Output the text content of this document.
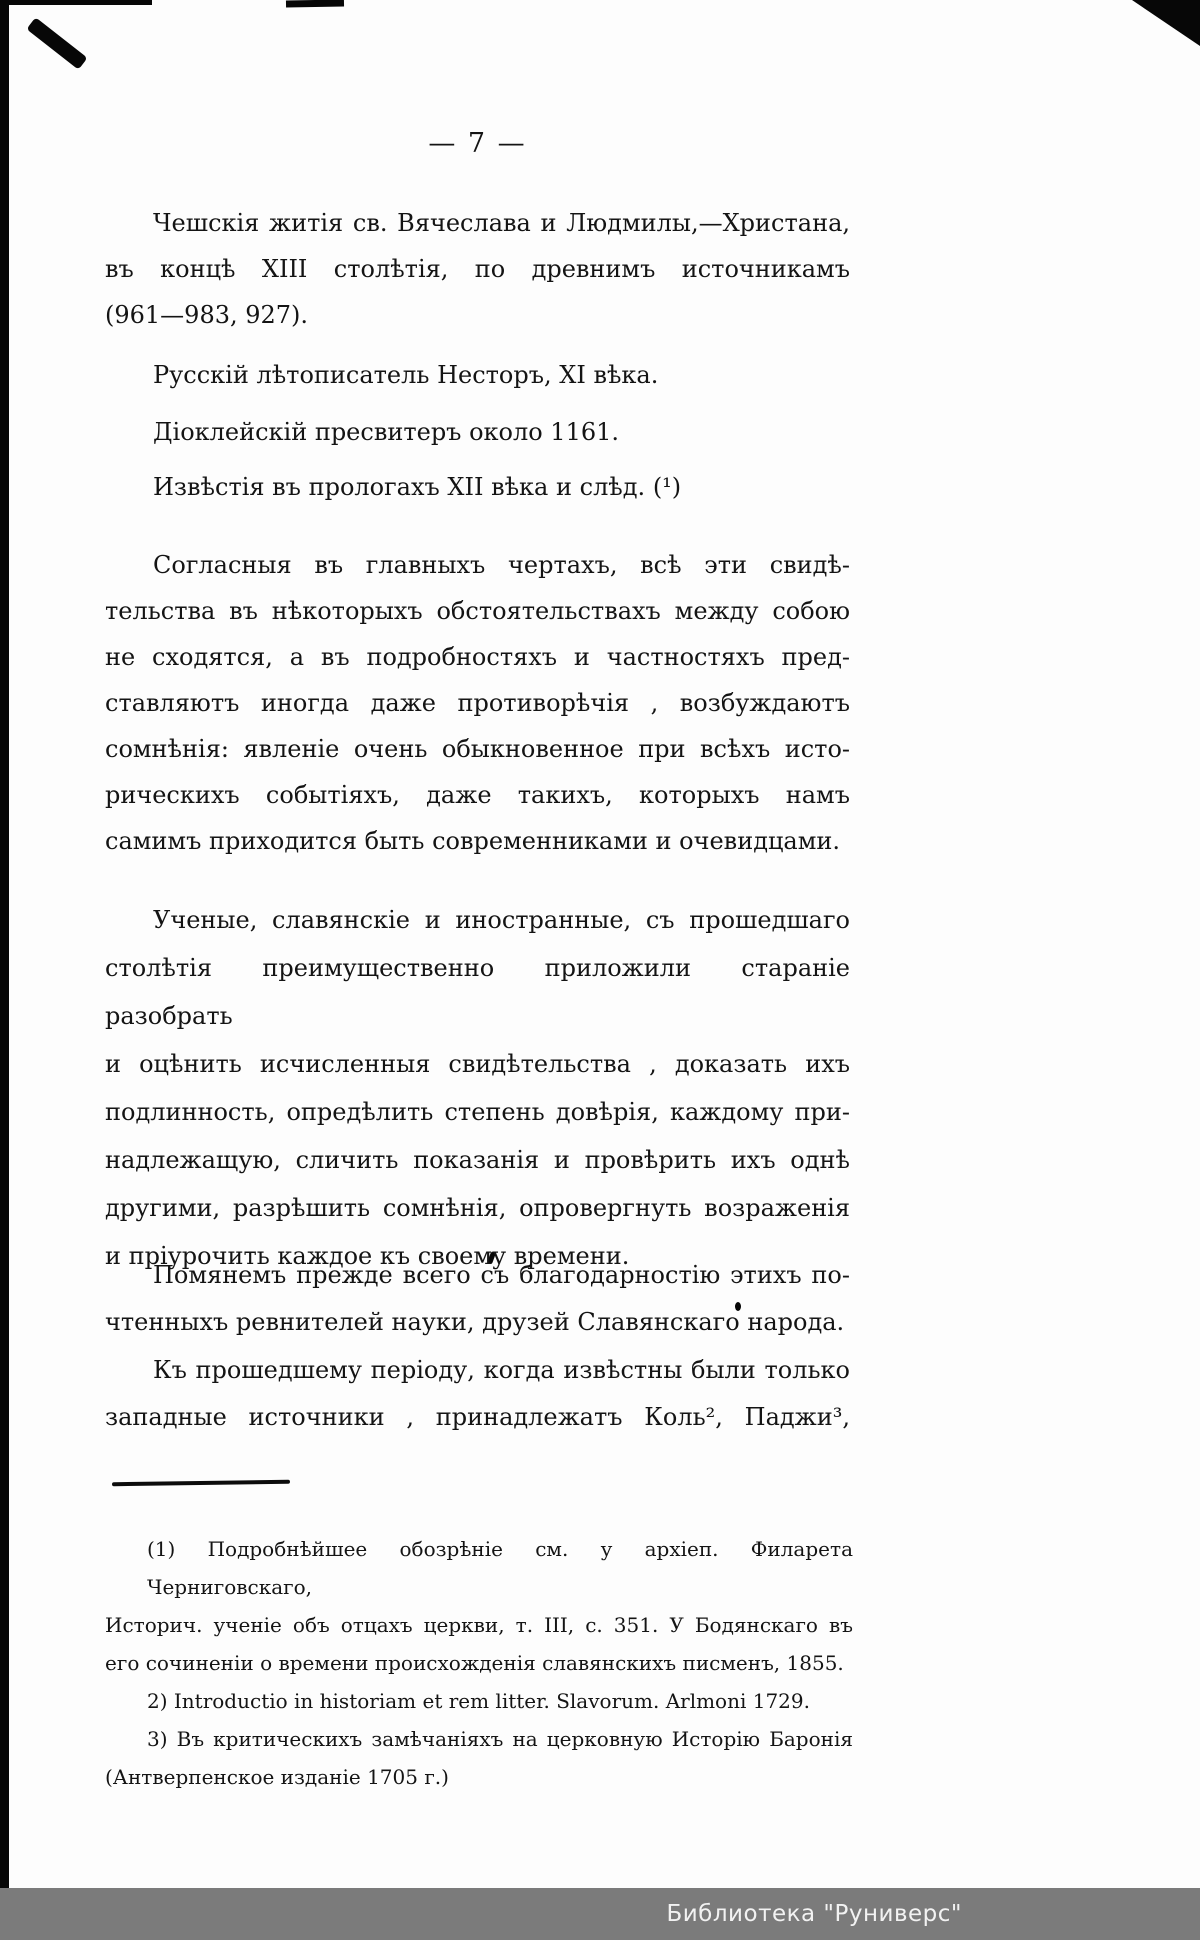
— 7 —
Чешскія житія св. Вячеслава и Людмилы,—Христана,
въ концѣ XIII столѣтія, по древнимъ источникамъ
(961—983, 927).
Русскій лѣтописатель Несторъ, XI вѣка.
Діоклейскій пресвитеръ около 1161.
Извѣстія въ прологахъ XII вѣка и слѣд. (¹)
Согласныя въ главныхъ чертахъ, всѣ эти свидѣ-
тельства въ нѣкоторыхъ обстоятельствахъ между собою
не сходятся, а въ подробностяхъ и частностяхъ пред-
ставляютъ иногда даже противорѣчія , возбуждаютъ
сомнѣнія: явленіе очень обыкновенное при всѣхъ исто-
рическихъ событіяхъ, даже такихъ, которыхъ намъ
самимъ приходится быть современниками и очевидцами.
Ученые, славянскіе и иностранные, съ прошедшаго
столѣтія преимущественно приложили стараніе разобрать
и оцѣнить исчисленныя свидѣтельства , доказать ихъ
подлинность, опредѣлить степень довѣрія, каждому при-
надлежащую, сличить показанія и провѣрить ихъ однѣ
другими, разрѣшить сомнѣнія, опровергнуть возраженія
и пріурочить каждое къ своему времени.
Помянемъ прежде всего съ благодарностію этихъ по-
чтенныхъ ревнителей науки, друзей Славянскаго народа.
Къ прошедшему періоду, когда извѣстны были только
западные источники , принадлежатъ Коль², Паджи³,
(1) Подробнѣйшее обозрѣніе см. у архіеп. Филарета Черниговскаго,
Историч. ученіе объ отцахъ церкви, т. III, с. 351. У Бодянскаго въ
его сочиненіи о времени происхожденія славянскихъ писменъ, 1855.
2) Introductio in historiam et rem litter. Slavorum. Arlmoni 1729.
3) Въ критическихъ замѣчаніяхъ на церковную Исторію Баронія
(Антверпенское изданіе 1705 г.)
Библиотека "Руниверс"
